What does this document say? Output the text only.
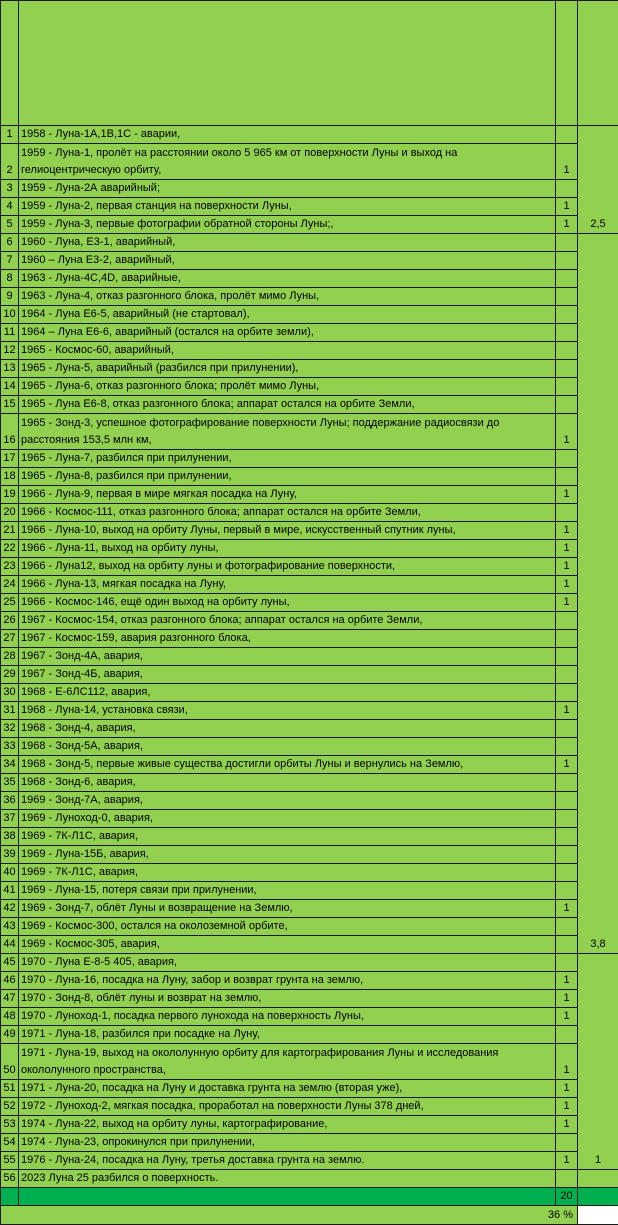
1	1958 - Луна-1А,1В,1С - аварии,		2,5
2	1959 - Луна-1, пролёт на расстоянии около 5 965 км от поверхности Луны и выход на гелиоцентрическую орбиту,	1	
3	1959 - Луна-2А аварийный;		
4	1959 - Луна-2, первая станция на поверхности Луны,	1	
5	1959 - Луна-3, первые фотографии обратной стороны Луны;,	1	
6	1960 - Луна, Е3-1, аварийный,		3,8
7	1960 – Луна Е3-2, аварийный,		
8	1963 - Луна-4С,4D, аварийные,		
9	1963 - Луна-4, отказ разгонного блока, пролёт мимо Луны,		
10	1964 - Луна Е6-5, аварийный (не стартовал),		
11	1964 – Луна Е6-6, аварийный (остался на орбите земли),		
12	1965 - Космос-60, аварийный,		
13	1965 - Луна-5, аварийный (разбился при прилунении),		
14	1965 - Луна-6, отказ разгонного блока; пролёт мимо Луны,		
15	1965 - Луна Е6-8, отказ разгонного блока; аппарат остался на орбите Земли,		
16	1965 - Зонд-3, успешное фотографирование поверхности Луны; поддержание радиосвязи до расстояния 153,5 млн км,	1	
17	1965 - Луна-7, разбился при прилунении,		
18	1965 - Луна-8, разбился при прилунении,		
19	1966 - Луна-9, первая в мире мягкая посадка на Луну,	1	
20	1966 - Космос-111, отказ разгонного блока; аппарат остался на орбите Земли,		
21	1966 - Луна-10, выход на орбиту Луны, первый в мире, искусственный спутник луны,	1	
22	1966 - Луна-11, выход на орбиту луны,	1	
23	1966 - Луна12, выход на орбиту луны и фотографирование поверхности,	1	
24	1966 - Луна-13, мягкая посадка на Луну,	1	
25	1966 - Космос-146, ещё один выход на орбиту луны,	1	
26	1967 - Космос-154, отказ разгонного блока; аппарат остался на орбите Земли,		
27	1967 - Космос-159, авария разгонного блока,		
28	1967 - Зонд-4А, авария,		
29	1967 - Зонд-4Б, авария,		
30	1968 - Е-6ЛС112, авария,		
31	1968 - Луна-14, установка связи,	1	
32	1968 - Зонд-4, авария,		
33	1968 - Зонд-5А, авария,		
34	1968 - Зонд-5, первые живые существа достигли орбиты Луны и вернулись на Землю,	1	
35	1968 - Зонд-6, авария,		
36	1969 - Зонд-7А, авария,		
37	1969 - Луноход-0, авария,		
38	1969 - 7К-Л1С, авария,		
39	1969 - Луна-15Б, авария,		
40	1969 - 7К-Л1С, авария,		
41	1969 - Луна-15, потеря связи при прилунении,		
42	1969 - Зонд-7, облёт Луны и возвращение на Землю,	1	
43	1969 - Космос-300, остался на околоземной орбите,		
44	1969 - Космос-305, авария,		
45	1970 - Луна Е-8-5 405, авария,		1
46	1970 - Луна-16, посадка на Луну, забор и возврат грунта на землю,	1	
47	1970 - Зонд-8, облёт луны и возврат на землю,	1	
48	1970 - Луноход-1, посадка первого лунохода на поверхность Луны,	1	
49	1971 - Луна-18, разбился при посадке на Луну,		
50	1971 - Луна-19, выход на окололунную орбиту для картографирования Луны и исследования окололунного пространства,	1	
51	1971 - Луна-20, посадка на Луну и доставка грунта на землю (вторая уже),	1	
52	1972 - Луноход-2, мягкая посадка, проработал на поверхности Луны 378 дней,	1	
53	1974 - Луна-22, выход на орбиту луны, картографирование,	1	
54	1974 - Луна-23, опрокинулся при прилунении,		
55	1976 - Луна-24, посадка на Луну, третья доставка грунта на землю.	1	
56	2023 Луна 25 разбился о поверхность.		
		20	
36 %			
